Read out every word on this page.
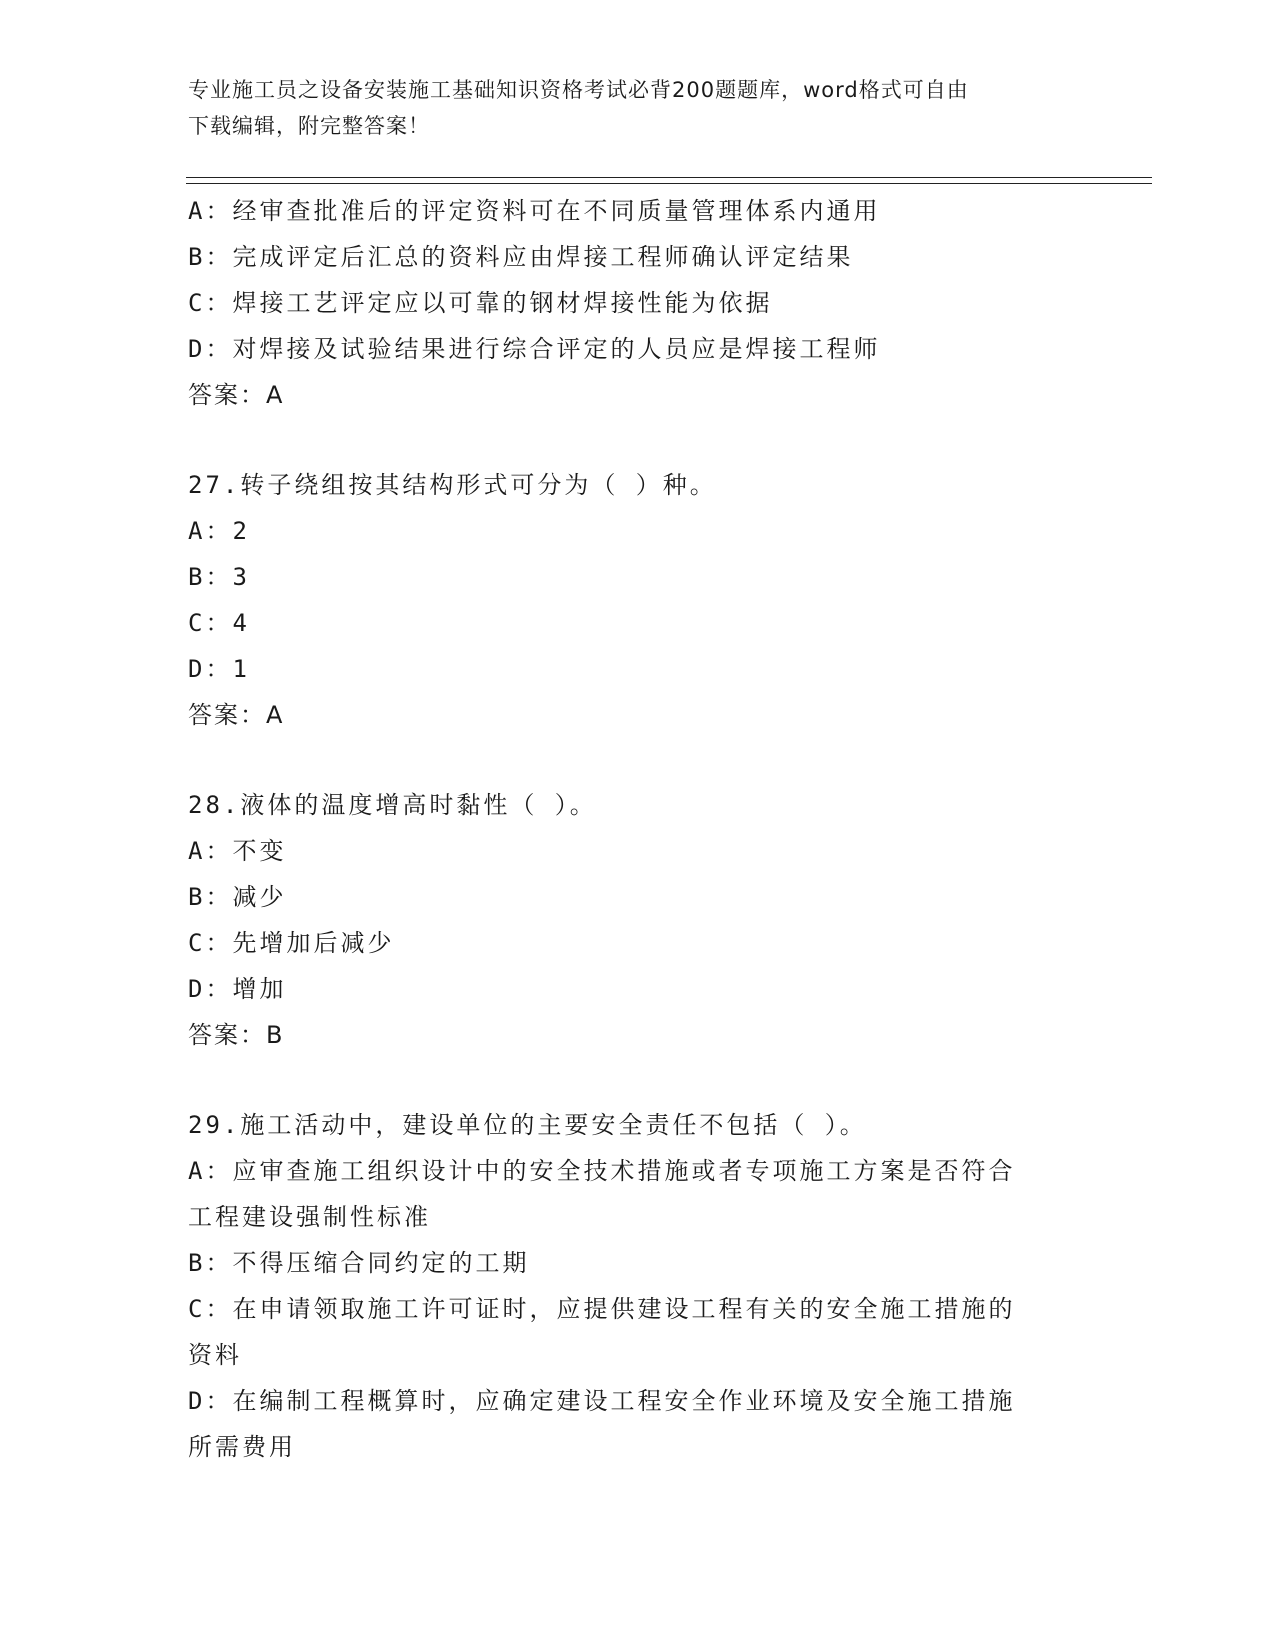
专业施工员之设备安装施工基础知识资格考试必背200题题库，word格式可自由
下载编辑，附完整答案！
A：经审查批准后的评定资料可在不同质量管理体系内通用
B：完成评定后汇总的资料应由焊接工程师确认评定结果
C：焊接工艺评定应以可靠的钢材焊接性能为依据
D：对焊接及试验结果进行综合评定的人员应是焊接工程师
答案：A
27.转子绕组按其结构形式可分为（ ）种。
A：2
B：3
C：4
D：1
答案：A
28.液体的温度增高时黏性（ ）。
A：不变
B：减少
C：先增加后减少
D：增加
答案：B
29.施工活动中，建设单位的主要安全责任不包括（ ）。
A：应审查施工组织设计中的安全技术措施或者专项施工方案是否符合
工程建设强制性标准
B：不得压缩合同约定的工期
C：在申请领取施工许可证时，应提供建设工程有关的安全施工措施的
资料
D：在编制工程概算时，应确定建设工程安全作业环境及安全施工措施
所需费用
